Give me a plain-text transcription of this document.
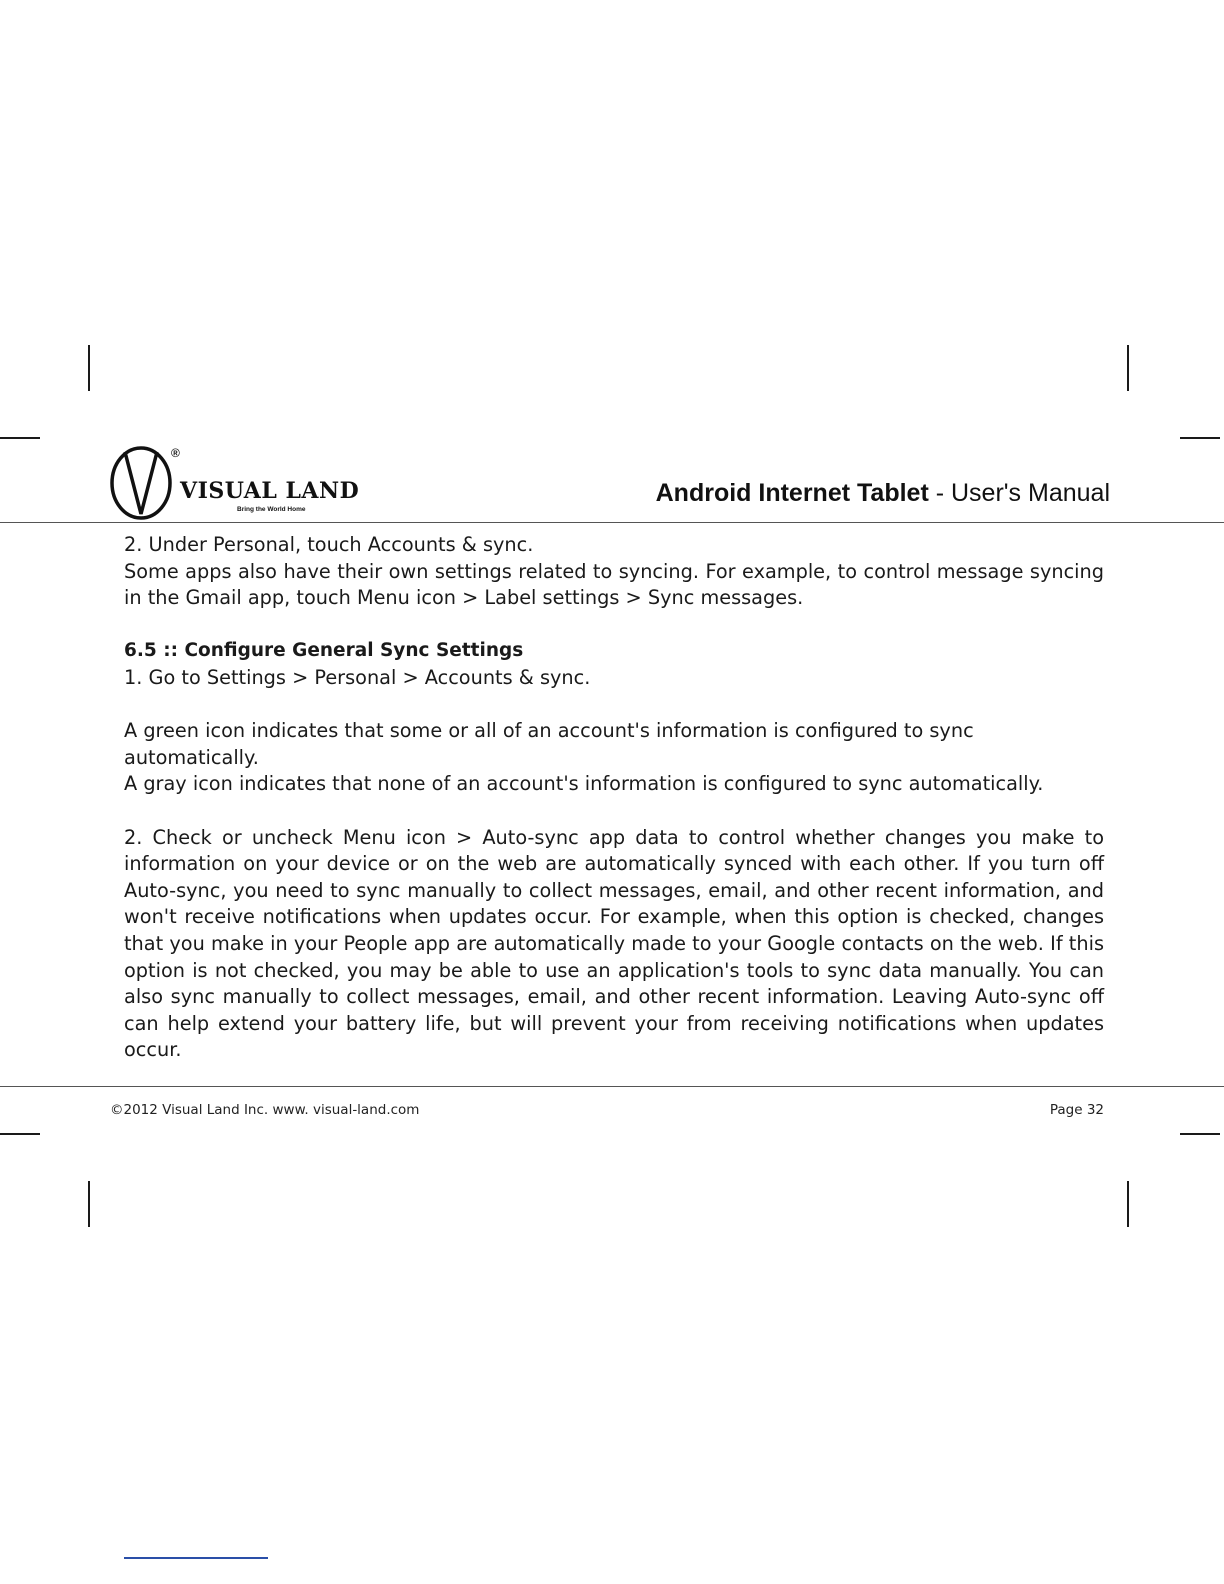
®
VISUAL LAND
Bring the World Home
Android Internet Tablet - User's Manual

2. Under Personal, touch Accounts & sync.

Some apps also have their own settings related to syncing. For example, to control message syncing in the Gmail app, touch Menu icon > Label settings > Sync messages.

6.5 :: Configure General Sync Settings

1. Go to Settings > Personal > Accounts & sync.

A green icon indicates that some or all of an account's information is configured to sync automatically.

A gray icon indicates that none of an account's information is configured to sync automatically.

2. Check or uncheck Menu icon > Auto-sync app data to control whether changes you make to information on your device or on the web are automatically synced with each other. If you turn off Auto-sync, you need to sync manually to collect messages, email, and other recent information, and won't receive notifications when updates occur. For example, when this option is checked, changes that you make in your People app are automatically made to your Google contacts on the web. If this option is not checked, you may be able to use an application's tools to sync data manually. You can also sync manually to collect messages, email, and other recent information. Leaving Auto-sync off can help extend your battery life, but will prevent your from receiving notifications when updates occur.

©2012 Visual Land Inc. www. visual-land.com	Page 32
